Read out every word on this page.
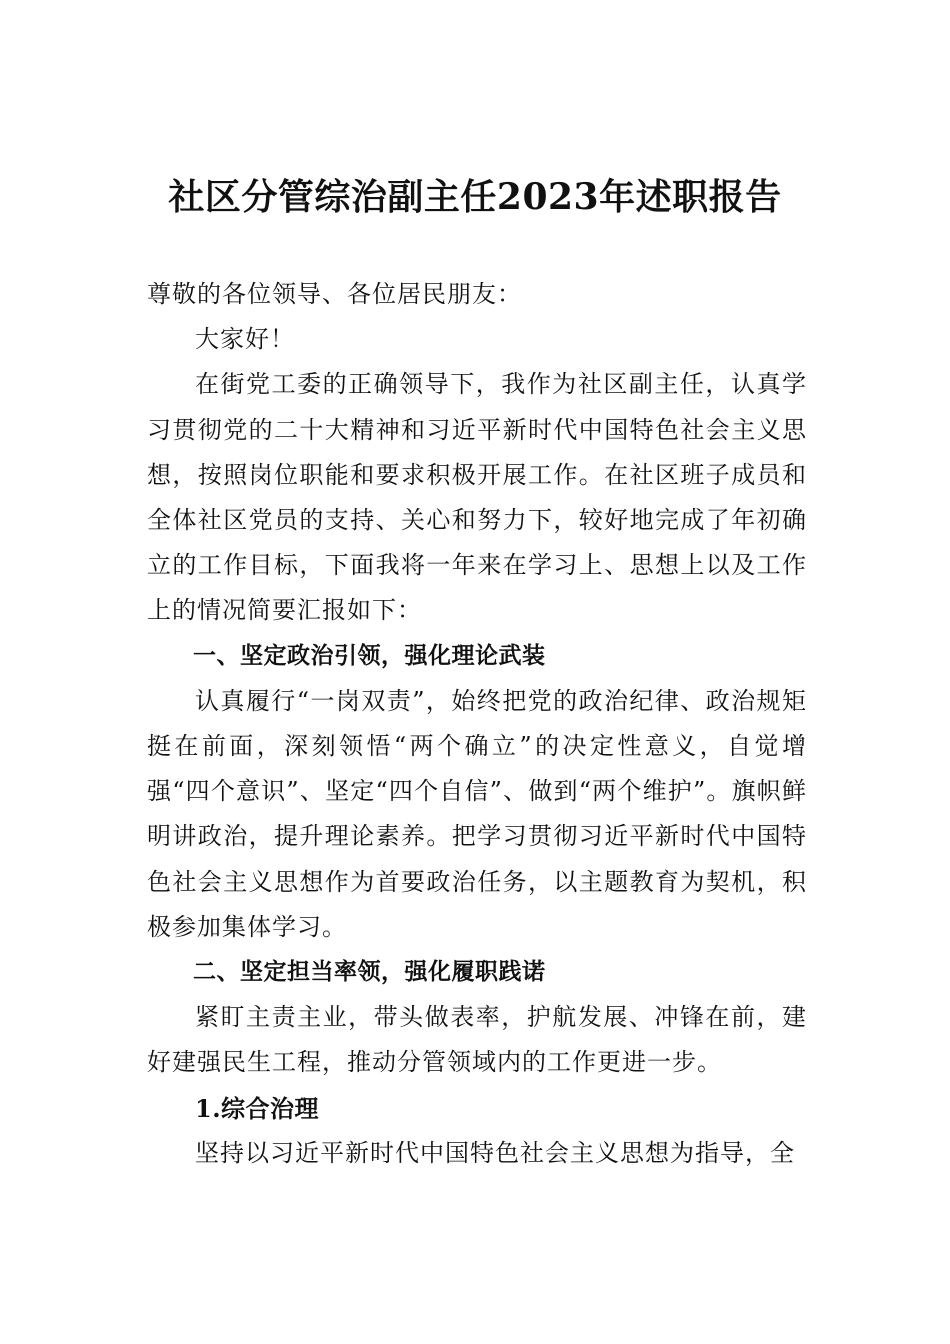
社区分管综治副主任2023年述职报告

尊敬的各位领导、各位居民朋友：

大家好！

在街党工委的正确领导下，我作为社区副主任，认真学习贯彻党的二十大精神和习近平新时代中国特色社会主义思想，按照岗位职能和要求积极开展工作。在社区班子成员和全体社区党员的支持、关心和努力下，较好地完成了年初确立的工作目标，下面我将一年来在学习上、思想上以及工作上的情况简要汇报如下：

一、坚定政治引领，强化理论武装

认真履行“一岗双责”，始终把党的政治纪律、政治规矩挺在前面，深刻领悟“两个确立”的决定性意义，自觉增强“四个意识”、坚定“四个自信”、做到“两个维护”。旗帜鲜明讲政治，提升理论素养。把学习贯彻习近平新时代中国特色社会主义思想作为首要政治任务，以主题教育为契机，积极参加集体学习。

二、坚定担当率领，强化履职践诺

紧盯主责主业，带头做表率，护航发展、冲锋在前，建好建强民生工程，推动分管领域内的工作更进一步。

1.综合治理

坚持以习近平新时代中国特色社会主义思想为指导，全
